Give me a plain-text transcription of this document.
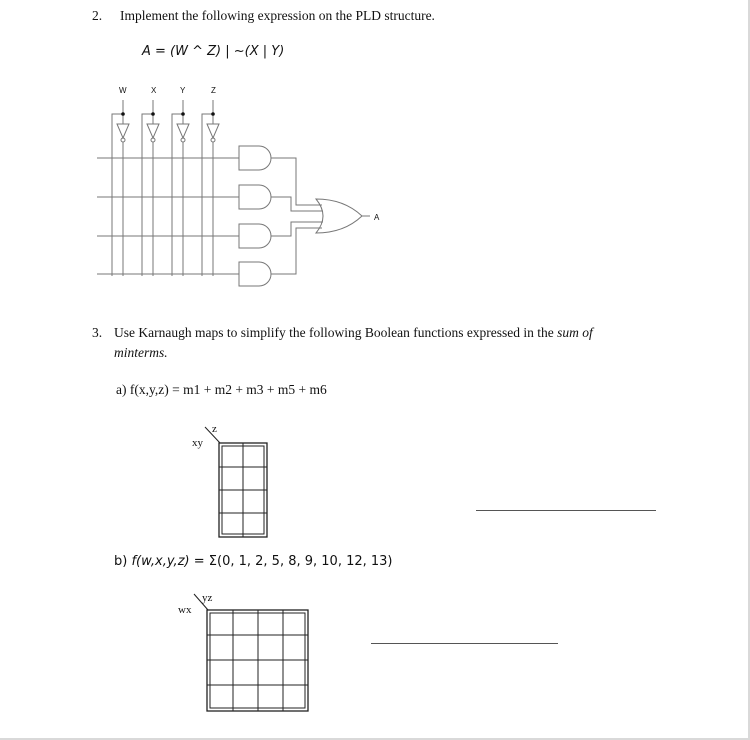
2. Implement the following expression on the PLD structure.
A = (W ^ Z) | ~(X | Y)
W	X	Y	Z
A
3. Use Karnaugh maps to simplify the following Boolean functions expressed in the sum of
minterms.
a) f(x,y,z) = m1 + m2 + m3 + m5 + m6
z
xy
b) f(w,x,y,z) = Σ(0, 1, 2, 5, 8, 9, 10, 12, 13)
yz
wx
